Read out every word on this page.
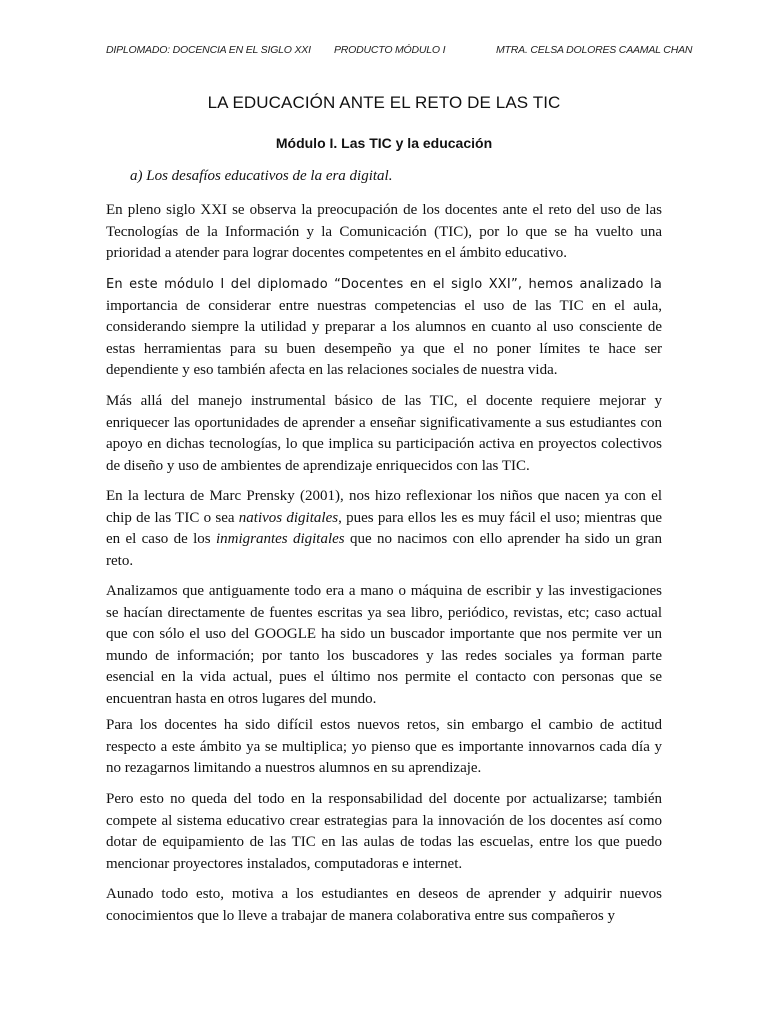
DIPLOMADO: DOCENCIA EN EL SIGLO XXI PRODUCTO MÓDULO I	MTRA. CELSA DOLORES CAAMAL CHAN
LA EDUCACIÓN ANTE EL RETO DE LAS TIC
Módulo I. Las TIC y la educación
a) Los desafíos educativos de la era digital.
En pleno siglo XXI se observa la preocupación de los docentes ante el reto del uso de las Tecnologías de la Información y la Comunicación (TIC), por lo que se ha vuelto una prioridad a atender para lograr docentes competentes en el ámbito educativo.
En este módulo I del diplomado “Docentes en el siglo XXI”, hemos analizado la importancia de considerar entre nuestras competencias el uso de las TIC en el aula, considerando siempre la utilidad y preparar a los alumnos en cuanto al uso consciente de estas herramientas para su buen desempeño ya que el no poner límites te hace ser dependiente y eso también afecta en las relaciones sociales de nuestra vida.
Más allá del manejo instrumental básico de las TIC, el docente requiere mejorar y enriquecer las oportunidades de aprender a enseñar significativamente a sus estudiantes con apoyo en dichas tecnologías, lo que implica su participación activa en proyectos colectivos de diseño y uso de ambientes de aprendizaje enriquecidos con las TIC.
En la lectura de Marc Prensky (2001), nos hizo reflexionar los niños que nacen ya con el chip de las TIC o sea nativos digitales, pues para ellos les es muy fácil el uso; mientras que en el caso de los inmigrantes digitales que no nacimos con ello aprender ha sido un gran reto.
Analizamos que antiguamente todo era a mano o máquina de escribir y las investigaciones se hacían directamente de fuentes escritas ya sea libro, periódico, revistas, etc; caso actual que con sólo el uso del GOOGLE ha sido un buscador importante que nos permite ver un mundo de información; por tanto los buscadores y las redes sociales ya forman parte esencial en la vida actual, pues el último nos permite el contacto con personas que se encuentran hasta en otros lugares del mundo.
Para los docentes ha sido difícil estos nuevos retos, sin embargo el cambio de actitud respecto a este ámbito ya se multiplica; yo pienso que es importante innovarnos cada día y no rezagarnos limitando a nuestros alumnos en su aprendizaje.
Pero esto no queda del todo en la responsabilidad del docente por actualizarse; también compete al sistema educativo crear estrategias para la innovación de los docentes así como dotar de equipamiento de las TIC en las aulas de todas las escuelas, entre los que puedo mencionar proyectores instalados, computadoras e internet.
Aunado todo esto, motiva a los estudiantes en deseos de aprender y adquirir nuevos conocimientos que lo lleve a trabajar de manera colaborativa entre sus compañeros y
